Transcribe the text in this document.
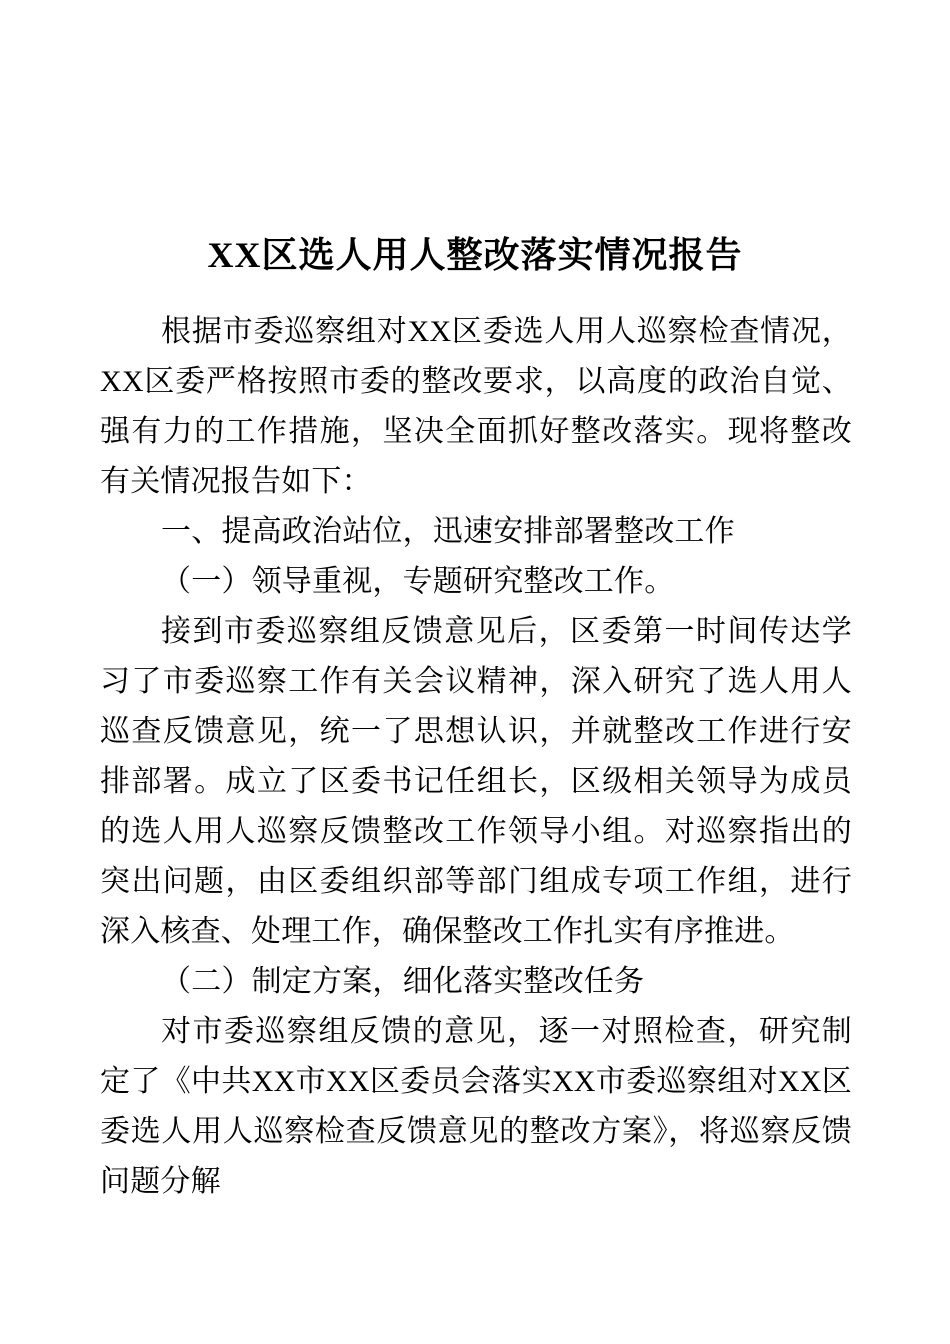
XX区选人用人整改落实情况报告

根据市委巡察组对XX区委选人用人巡察检查情况，XX区委严格按照市委的整改要求，以高度的政治自觉、强有力的工作措施，坚决全面抓好整改落实。现将整改有关情况报告如下：

一、提高政治站位，迅速安排部署整改工作

（一）领导重视，专题研究整改工作。

接到市委巡察组反馈意见后，区委第一时间传达学习了市委巡察工作有关会议精神，深入研究了选人用人巡查反馈意见，统一了思想认识，并就整改工作进行安排部署。成立了区委书记任组长，区级相关领导为成员的选人用人巡察反馈整改工作领导小组。对巡察指出的突出问题，由区委组织部等部门组成专项工作组，进行深入核查、处理工作，确保整改工作扎实有序推进。

（二）制定方案，细化落实整改任务

对市委巡察组反馈的意见，逐一对照检查，研究制定了《中共XX市XX区委员会落实XX市委巡察组对XX区委选人用人巡察检查反馈意见的整改方案》，将巡察反馈问题分解
